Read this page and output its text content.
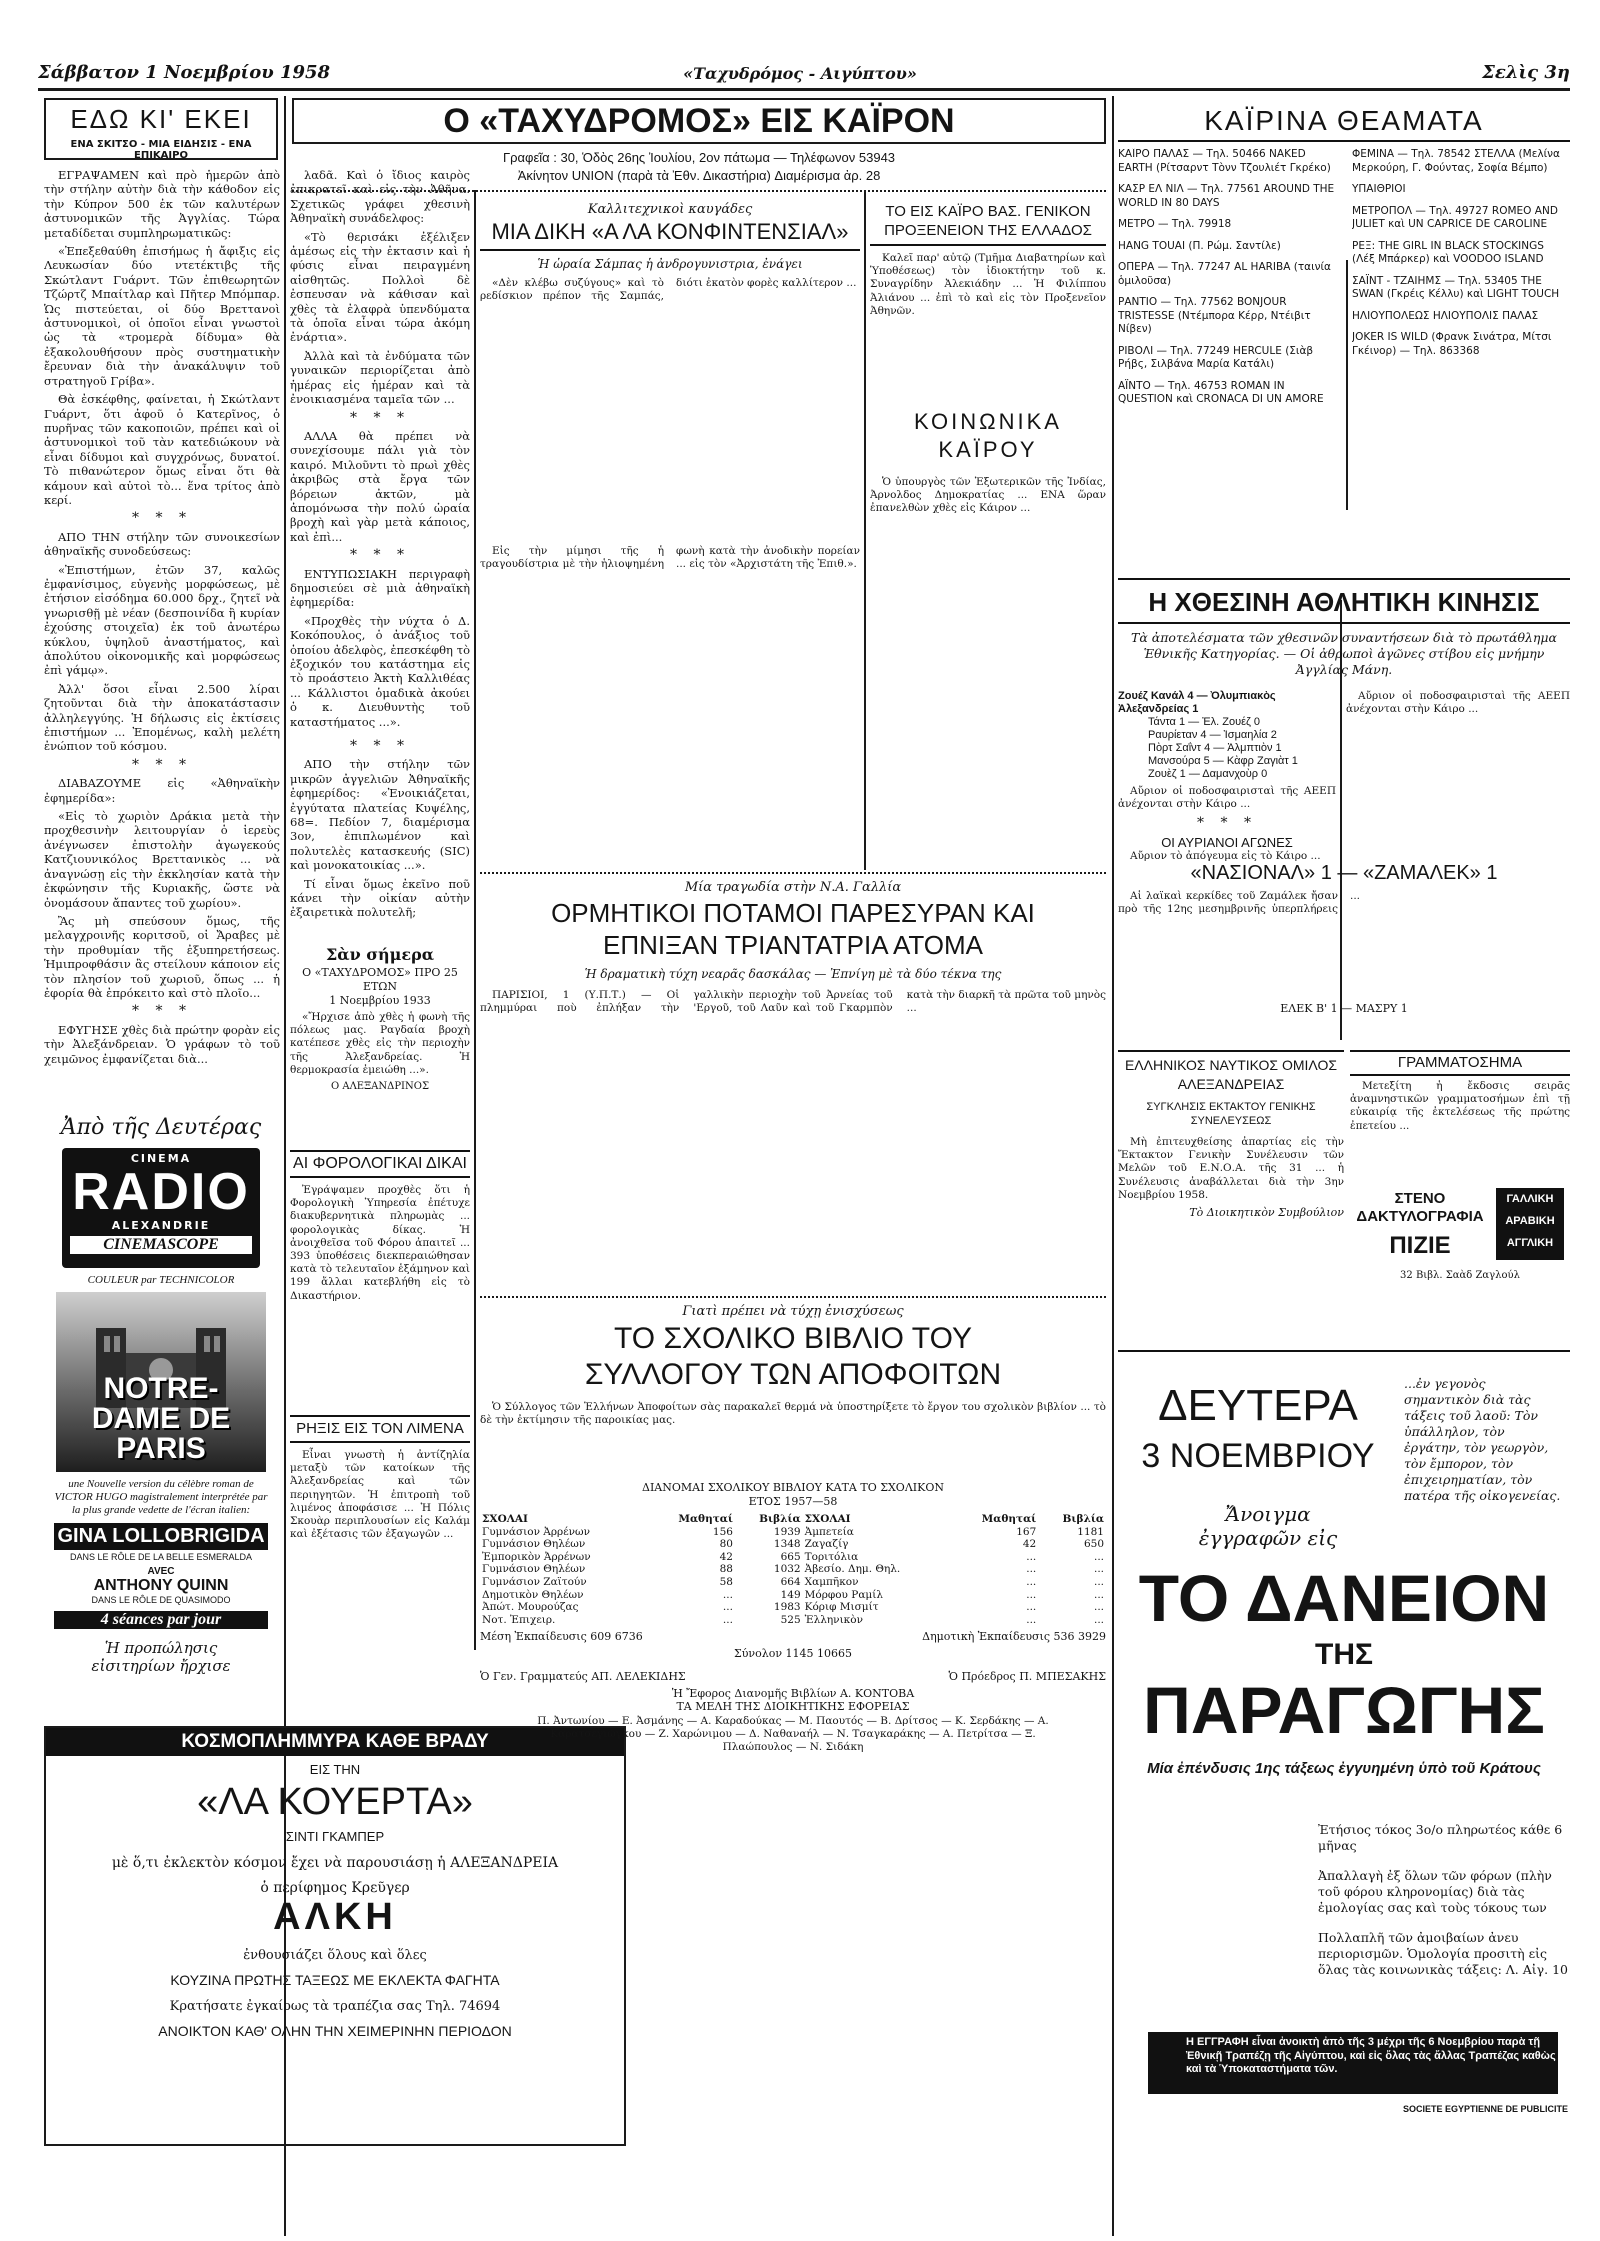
Σάββατον 1 Νοεμβρίου 1958	«Ταχυδρόμος - Αιγύπτου»	Σελὶς 3η
ΕΔΩ ΚΙ' ΕΚΕΙ
ΕΝΑ ΣΚΙΤΣΟ - ΜΙΑ ΕΙΔΗΣΙΣ - ΕΝΑ ΕΠΙΚΑΙΡΟ

ΕΓΡΑΨΑΜΕΝ καὶ πρὸ ἡμερῶν ἀπὸ τὴν στήλην αὐτὴν διὰ τὴν κάθοδον εἰς τὴν Κύπρον 500 ἐκ τῶν καλυτέρων ἀστυνομικῶν τῆς Ἀγγλίας. Τώρα μεταδίδεται συμπληρωματικῶς:

«Ἐπεξεθαύθη ἐπισήμως ἡ ἄφιξις εἰς Λευκωσίαν δύο ντετέκτιβς τῆς Σκώτλαντ Γυάρντ. Τῶν ἐπιθεωρητῶν Τζώρτζ Μπαίτλαρ καὶ Πῆτερ Μπόμπαρ. Ὡς πιστεύεται, οἱ δύο Βρεττανοὶ ἀστυνομικοὶ, οἱ ὁποῖοι εἶναι γνωστοὶ ὡς τὰ «τρομερὰ δίδυμα» θὰ ἐξακολουθήσουν πρὸς συστηματικὴν ἔρευναν διὰ τὴν ἀνακάλυψιν τοῦ στρατηγοῦ Γρίβα».

Θὰ ἐσκέφθης, φαίνεται, ἡ Σκώτλαντ Γυάρντ, ὅτι ἀφοῦ ὁ Κατερῖνος, ὁ πυρῆνας τῶν κακοποιῶν, πρέπει καὶ οἱ ἀστυνομικοὶ τοῦ τὰν κατεδιώκουν νὰ εἶναι δίδυμοι καὶ συγχρόνως, δυνατοί. Τὸ πιθανώτερον ὅμως εἶναι ὅτι θὰ κάμουν καὶ αὐτοὶ τὸ... ἕνα τρίτος ἀπὸ κερί.

* * *

ΑΠΟ ΤΗΝ στήλην τῶν συνοικεσίων ἀθηναϊκῆς συνοδεύσεως:

«Ἐπιστήμων, ἐτῶν 37, καλῶς ἐμφανίσιμος, εὐγενὴς μορφώσεως, μὲ ἐτήσιον εἰσόδημα 60.000 δρχ., ζητεῖ νὰ γνωρισθῇ μὲ νέαν (δεσποινίδα ἢ κυρίαν ἐχούσης στοιχεῖα) ἐκ τοῦ ἀνωτέρω κύκλου, ὑψηλοῦ ἀναστήματος, καὶ ἀπολύτου οἰκονομικῆς καὶ μορφώσεως ἐπὶ γάμῳ».

Ἀλλ' ὅσοι εἶναι 2.500 λίραι ζητοῦνται διὰ τὴν ἀποκατάστασιν ἀλληλεγγύης. Ἡ δήλωσις εἰς ἐκτίσεις ἐπιστήμων ... Ἐπομένως, καλὴ μελέτη ἐνώπιον τοῦ κόσμου.

* * *

ΔΙΑΒΑΖΟΥΜΕ εἰς «Ἀθηναϊκὴν ἐφημερίδα»:

«Εἰς τὸ χωριὸν Δράκια μετὰ τὴν προχθεσινὴν λειτουργίαν ὁ ἱερεὺς ἀνέγνωσεν ἐπιστολὴν ἀγωγεκούς Κατζιουνικόλος Βρεττανικὸς ... νὰ ἀναγνώσῃ εἰς τὴν ἐκκλησίαν κατὰ τὴν ἐκφώνησιν τῆς Κυριακῆς, ὥστε νὰ ὀνομάσουν ἄπαντες τοῦ χωρίου».

Ἂς μὴ σπεύσουν ὅμως, τῆς μελαγχροινῆς κοριτσοῦ, οἱ Ἄραβες μὲ τὴν προθυμίαν τῆς ἐξυπηρετήσεως. Ἡμιπροφθάσιν ἂς στείλουν κάποιον εἰς τὸν πλησίον τοῦ χωριοῦ, ὅπως ... ἡ ἐφορία θὰ ἐπρόκειτο καὶ στὸ πλοῖο...

* * *

ΕΦΥΓΗΣΕ χθὲς διὰ πρώτην φορὰν εἰς τὴν Ἀλεξάνδρειαν. Ὁ γράφων τὸ τοῦ χειμῶνος ἐμφανίζεται διὰ...

Ἀπὸ τῆς Δευτέρας
CINEMA
RADIO
ALEXANDRIE
CINEMASCOPE
COULEUR par TECHNICOLOR
NOTRE-DAME DE PARIS
une Nouvelle version du célèbre roman de VICTOR HUGO magistralement interprétée par la plus grande vedette de l'écran italien:
GINA LOLLOBRIGIDA
DANS LE RÔLE DE LA BELLE ESMERALDA
AVEC
ANTHONY QUINN
DANS LE RÔLE DE QUASIMODO
4 séances par jour
Ἡ προπώλησις εἰσιτηρίων ἤρχισε
ΚΟΣΜΟΠΛΗΜΜΥΡΑ ΚΑΘΕ ΒΡΑΔΥ
ΕΙΣ ΤΗΝ
«ΛΑ ΚΟΥΕΡΤΑ»
ΣΙΝΤΙ ΓΚΑΜΠΕΡ
μὲ ὅ,τι ἐκλεκτὸν κόσμον ἔχει νὰ παρουσιάσῃ ἡ ΑΛΕΞΑΝΔΡΕΙΑ
ὁ περίφημος Κρεῦγερ
ΑΛΚΗ
ἐνθουσιάζει ὅλους καὶ ὅλες
ΚΟΥΖΙΝΑ ΠΡΩΤΗΣ ΤΑΞΕΩΣ ΜΕ ΕΚΛΕΚΤΑ ΦΑΓΗΤΑ
Κρατήσατε ἐγκαίρως τὰ τραπέζια σας Τηλ. 74694
ΑΝΟΙΚΤΟΝ ΚΑΘ' ΟΛΗΝ ΤΗΝ ΧΕΙΜΕΡΙΝΗΝ ΠΕΡΙΟΔΟΝ

λαδᾶ. Καὶ ὁ ἴδιος καιρὸς ἐπικρατεῖ καὶ εἰς τὴν Ἀθῆνα. Σχετικῶς γράφει χθεσινὴ Ἀθηναϊκὴ συνάδελφος:

«Τὸ θερισάκι ἐξέλιξεν ἀμέσως εἰς τὴν ἐκτασιν καὶ ἡ φύσις εἶναι πειραγμένη αἰσθητῶς. Πολλοὶ δὲ ἐσπευσαν νὰ κάθισαν καὶ χθὲς τὰ ἐλαφρὰ ὑπενδύματα τὰ ὁποῖα εἶναι τώρα ἀκόμη ἐνάρτια».

Ἀλλὰ καὶ τὰ ἐνδύματα τῶν γυναικῶν περιορίζεται ἀπὸ ἡμέρας εἰς ἡμέραν καὶ τὰ ἐνοικιασμένα ταμεῖα τῶν ...

* * *

ΑΛΛΑ θὰ πρέπει νὰ συνεχίσουμε πάλι γιὰ τὸν καιρό. Μιλοῦντι τὸ πρωὶ χθὲς ἀκριβῶς στὰ ἔργα τῶν βόρειων ἀκτῶν, μὰ ἀπομόνωσα τὴν πολύ ὡραία βροχὴ καὶ γὰρ μετὰ κάποιος, καὶ ἐπὶ...

* * *

ΕΝΤΥΠΩΣΙΑΚΗ περιγραφὴ δημοσιεύει σὲ μιὰ ἀθηναϊκὴ ἐφημερίδα:

«Προχθὲς τὴν νύχτα ὁ Δ. Κοκόπουλος, ὁ ἀνάξιος τοῦ ὁποίου ἀδελφὸς, ἐπεσκέφθη τὸ ἐξοχικόν του κατάστημα εἰς τὸ προάστειο Ἀκτὴ Καλλιθέας ... Κάλλιστοι ὁμαδικὰ ἀκούει ὁ κ. Διευθυντὴς τοῦ καταστήματος ...».

* * *

ΑΠΟ τὴν στήλην τῶν μικρῶν ἀγγελιῶν Ἀθηναϊκῆς ἐφημερίδος: «Ἐνοικιάζεται, ἐγγύτατα πλατείας Κυψέλης, 68=. Πεδίον 7, διαμέρισμα 3ον, ἐπιπλωμένον καὶ πολυτελὲς κατασκευής (SIC) καὶ μονοκατοικίας ...».

Τί εἶναι ὅμως ἐκεῖνο ποῦ κάνει τὴν οἰκίαν αὐτὴν ἐξαιρετικὰ πολυτελῆ;

Σὰν σήμερα
Ο «ΤΑΧΥΔΡΟΜΟΣ» ΠΡΟ 25 ΕΤΩΝ
1 Νοεμβρίου 1933
«Ἤρχισε ἀπὸ χθὲς ἡ φωνὴ τῆς πόλεως μας. Ραγδαία βροχὴ κατέπεσε χθὲς εἰς τὴν περιοχὴν τῆς Ἀλεξανδρείας. Ἡ θερμοκρασία ἐμειώθη ...».
Ο ΑΛΕΞΑΝΔΡΙΝΟΣ
ΑΙ ΦΟΡΟΛΟΓΙΚΑΙ ΔΙΚΑΙ
Ἐγράψαμεν προχθὲς ὅτι ἡ Φορολογικὴ Ὑπηρεσία ἐπέτυχε διακυβερνητικὰ πληρωμὰς ... φορολογικὰς δίκας. Ἡ ἀνοιχθεῖσα τοῦ Φόρου ἀπαιτεῖ ... 393 ὑποθέσεις διεκπεραιώθησαν κατὰ τὸ τελευταῖον ἑξάμηνον καὶ 199 ἄλλαι κατεβλήθη εἰς τὸ Δικαστήριον.
ΡΗΞΙΣ ΕΙΣ ΤΟΝ ΛΙΜΕΝΑ
Εἶναι γνωστὴ ἡ ἀντίζηλία μεταξὺ τῶν κατοίκων τῆς Ἀλεξανδρείας καὶ τῶν περιηγητῶν. Ἡ ἐπιτροπὴ τοῦ λιμένος ἀποφάσισε ... Ἡ Πόλις Σκουὰρ περιπλουσίων εἰς Καλάμ καὶ ἐξέτασις τῶν ἐξαγωγῶν ...
Ο «ΤΑΧΥΔΡΟΜΟΣ» ΕΙΣ ΚΑΪΡΟΝ
Γραφεῖα : 30, Ὁδὸς 26ης Ἰουλίου, 2ον πάτωμα — Τηλέφωνον 53943
Ἀκίνητον UNION (παρὰ τὰ Ἐθν. Δικαστήρια) Διαμέρισμα ἀρ. 28
Καλλιτεχνικοὶ καυγάδες
ΜΙΑ ΔΙΚΗ «Α ΛΑ ΚΟΝΦΙΝΤΕΝΣΙΑΛ»
Ἡ ὡραία Σάμπας ἡ ἀνδρογυνιστρια, ἐνάγει
«Δὲν κλέβω συζύγους» καὶ τὸ ρεδίσκιον πρέπον τῆς Σαμπάς, διότι ἐκατὸν φορὲς καλλίτερον ...
Εἰς τὴν μίμησι τῆς ἡ τραγουδίστρια μὲ τὴν ἡλιοψημένη φωνὴ κατὰ τὴν ἀνοδικὴν πορείαν ... εἰς τὸν «Ἀρχιστάτη τῆς Ἐπιθ.».
ΤΟ ΕΙΣ ΚΑΪΡΟ ΒΑΣ. ΓΕΝΙΚΟΝ ΠΡΟΞΕΝΕΙΟΝ ΤΗΣ ΕΛΛΑΔΟΣ
Καλεῖ παρ' αὐτῷ (Τμῆμα Διαβατηρίων καὶ Ὑποθέσεως) τὸν ἰδιοκτήτην τοῦ κ. Συναγρίδην Ἀλεκιάδην ... Ἡ Φιλίππου Ἀλιάνου ... ἐπὶ τὸ καὶ εἰς τὸν Προξενεῖον Ἀθηνῶν.
ΚΟΙΝΩΝΙΚΑ ΚΑΪΡΟΥ
Ὁ ὑπουργὸς τῶν Ἐξωτερικῶν τῆς Ἰνδίας, Ἀρνολδος Δημοκρατίας ... ΕΝΑ ὥραν ἐπανελθὼν χθὲς εἰς Κάιρον ...
Μία τραγωδία στὴν Ν.Α. Γαλλία
ΟΡΜΗΤΙΚΟΙ ΠΟΤΑΜΟΙ ΠΑΡΕΣΥΡΑΝ ΚΑΙ ΕΠΝΙΞΑΝ ΤΡΙΑΝΤΑΤΡΙΑ ΑΤΟΜΑ
Ἡ δραματικὴ τύχη νεαρᾶς δασκάλας — Ἐπνίγη μὲ τὰ δύο τέκνα της
ΠΑΡΙΣΙΟΙ, 1 (Υ.Π.Τ.) — Οἱ πλημμύραι ποὺ ἐπλήξαν τὴν γαλλικὴν περιοχὴν τοῦ Ἀρνείας τοῦ 'Εργοῦ, τοῦ Λαῦν καὶ τοῦ Γκαρμπὸν κατὰ τὴν διαρκῆ τὰ πρῶτα τοῦ μηνὸς ...
Γιατὶ πρέπει νὰ τύχῃ ἐνισχύσεως
ΤΟ ΣΧΟΛΙΚΟ ΒΙΒΛΙΟ ΤΟΥ ΣΥΛΛΟΓΟΥ ΤΩΝ ΑΠΟΦΟΙΤΩΝ
Ὁ Σύλλογος τῶν Ἑλλήνων Ἀποφοίτων σὰς παρακαλεῖ θερμά νὰ ὑποστηρίξετε τὸ ἔργον του σχολικὸν βιβλίον ... τὸ δὲ τὴν ἐκτίμησιν τῆς παροικίας μας.
ΔΙΑΝΟΜΑΙ ΣΧΟΛΙΚΟΥ ΒΙΒΛΙΟΥ ΚΑΤΑ ΤΟ ΣΧΟΛΙΚΟΝ ΕΤΟΣ 1957—58
ΣΧΟΛΑΙ	Μαθηταί	Βιβλία	ΣΧΟΛΑΙ	Μαθηταί	Βιβλία
Γυμνάσιον Ἀρρένων	156	1939	Ἀμπετεία	167	1181
Γυμνάσιον Θηλέων	80	1348	Ζαγαζίγ	42	650
Ἐμπορικὸν Ἀρρένων	42	665	Τοριτόλια	...	...
Γυμνάσιον Θηλέων	88	1032	Ἀβεσίο. Δημ. Θηλ.	...	...
Γυμνάσιον Ζαϊτούν	58	664	Χαμπῆκον	...	...
Δημοτικὸν Θηλέων	...	149	Μόρφου Ραμίλ	...	...
Ἀπώτ. Μουρούζας	...	1983	Κόριφ Μισμίτ	...	...
Νοτ. Ἐπιχειρ.	...	525	Ἐλληνικὸν	...	...
Μέση Ἐκπαίδευσις 609 6736	Δημοτικὴ Ἐκπαίδευσις 536 3929
Σύνολον 1145 10665
Ὁ Γεν. Γραμματεύς ΑΠ. ΛΕΛΕΚΙΔΗΣ	Ὁ Πρόεδρος Π. ΜΠΕΣΑΚΗΣ
Ἡ Ἔφορος Διανομῆς Βιβλίων Α. ΚΟΝΤΟΒΑ
ΤΑ ΜΕΛΗ ΤΗΣ ΔΙΟΙΚΗΤΙΚΗΣ ΕΦΟΡΕΙΑΣ
Π. Ἀντωνίου — Ε. Ἀσμάνης — Α. Καραδούκας — Μ. Παουτός — Β. Δρίτσος — Κ. Σερδάκης — Α. Καρατσεγιώγκου — Ζ. Χαρώνιμου — Δ. Ναθαναήλ — Ν. Τσαγκαράκης — Α. Πετρίτσα — Ξ. Πλαώπουλος — Ν. Σιδάκη
ΚΑΪΡΙΝΑ ΘΕΑΜΑΤΑ
ΚΑΪΡΟ ΠΑΛΑΣ — Τηλ. 50466 NAKED EARTH (Ρίτσαρντ Τὸνν Τζουλιέτ Γκρέκο)
ΚΑΣΡ ΕΛ ΝΙΛ — Τηλ. 77561 AROUND THE WORLD IN 80 DAYS
ΜΕΤΡΟ — Τηλ. 79918
HANG TOUAI (Π. Ρώμ. Σαντίλε)
ΟΠΕΡΑ — Τηλ. 77247 AL HARIBA (ταινία ὁμιλοῦσα)
ΡΑΝΤΙΟ — Τηλ. 77562 BONJOUR TRISTESSE (Ντέμπορα Κέρρ, Ντέιβιτ Νίβεν)
ΡΙΒΟΛΙ — Τηλ. 77249 HERCULE (Σιὰβ Ρήβς, Σιλβάνα Μαρία Κατάλι)
ΑΪΝΤΟ — Τηλ. 46753 ROMAN IN QUESTION καὶ CRONACA DI UN AMORE
ΦΕΜΙΝΑ — Τηλ. 78542 ΣΤΕΛΛΑ (Μελίνα Μερκούρη, Γ. Φούντας, Σοφία Βέμπο)
ΥΠΑΙΘΡΙΟΙ
ΜΕΤΡΟΠΟΛ — Τηλ. 49727 ROMEO AND JULIET καὶ UN CAPRICE DE CAROLINE
ΡΕΞ: THE GIRL IN BLACK STOCKINGS (Λέξ Μπάρκερ) καὶ VOODOO ISLAND
ΣΑΪΝΤ - ΤΖΑΙΗΜΣ — Τηλ. 53405 THE SWAN (Γκρέις Κέλλυ) καὶ LIGHT TOUCH
ΗΛΙΟΥΠΟΛΕΩΣ ΗΛΙΟΥΠΟΛΙΣ ΠΑΛΑΣ
JOKER IS WILD (Φρανκ Σινάτρα, Μίτσι Γκέινορ) — Τηλ. 863368
Η ΧΘΕΣΙΝΗ ΑΘΛΗΤΙΚΗ ΚΙΝΗΣΙΣ
Τὰ ἀποτελέσματα τῶν χθεσινῶν συναντήσεων διὰ τὸ πρωτάθλημα Ἑθνικῆς Κατηγορίας. — Οἱ ἀθρωποὶ ἀγῶνες στίβου εἰς μνήμην Ἀγγλίας Μάνη.
Ζουέζ Κανάλ 4 — Ὀλυμπιακὸς Ἀλεξανδρείας 1
Τάντα 1 — Ἐλ. Ζουέζ 0
Ραυρίεταν 4 — Ἰσμαηλία 2
Πὸρτ Σαΐντ 4 — Ἀλμπτιὸν 1
Μανσούρα 5 — Κὰφρ Ζαγιὰτ 1
Ζουὲζ 1 — Δαμανχοὺρ 0
Αὔριον οἱ ποδοσφαιρισταὶ τῆς ΑΕΕΠ ἀνέχονται στὴν Κάιρο ...
* * *
ΟΙ ΑΥΡΙΑΝΟΙ ΑΓΩΝΕΣ
Αὔριον τὸ ἀπόγευμα εἰς τὸ Κάιρο ...
Αὔριον οἱ ποδοσφαιρισταὶ τῆς ΑΕΕΠ ἀνέχονται στὴν Κάιρο ...
«ΝΑΣΙΟΝΑΛ» 1 — «ΖΑΜΑΛΕΚ» 1
Αἱ λαϊκαὶ κερκίδες τοῦ Ζαμάλεκ ἤσαν πρὸ τῆς 12ης μεσημβρινῆς ὑπερπλήρεις ...
ΕΛΕΚ Β' 1 — ΜΑΣΡΥ 1
ΕΛΛΗΝΙΚΟΣ ΝΑΥΤΙΚΟΣ ΟΜΙΛΟΣ ΑΛΕΞΑΝΔΡΕΙΑΣ
ΣΥΓΚΛΗΣΙΣ ΕΚΤΑΚΤΟΥ ΓΕΝΙΚΗΣ ΣΥΝΕΛΕΥΣΕΩΣ
Μὴ ἐπιτευχθείσης ἀπαρτίας εἰς τὴν Ἔκτακτον Γενικὴν Συνέλευσιν τῶν Μελῶν τοῦ Ε.Ν.Ο.Α. τῆς 31 ... ἡ Συνέλευσις ἀναβάλλεται διὰ τὴν 3ην Νοεμβρίου 1958.
Τὸ Διοικητικὸν Συμβούλιον
ΓΡΑΜΜΑΤΟΣΗΜΑ
Μετεξίτη ἡ ἔκδοσις σειρᾶς ἀναμνηστικῶν γραμματοσήμων ἐπὶ τῇ εὐκαιρίᾳ τῆς ἐκτελέσεως τῆς πρώτης ἐπετείου ...
ΣΤΕΝΟ ΔΑΚΤΥΛΟΓΡΑΦΙΑ
ΠΙΖΙΕ
ΓΑΛΛΙΚΗ ΑΡΑΒΙΚΗ ΑΓΓΛΙΚΗ
32 Βιβλ. Σαὰδ Ζαγλούλ
ΔΕΥΤΕΡΑ
3 ΝΟΕΜΒΡΙΟΥ
...ἐν γεγονὸς σημαντικὸν διὰ τὰς τάξεις τοῦ λαοῦ: Τὸν ὑπάλληλον, τὸν ἐργάτην, τὸν γεωργὸν, τὸν ἔμπορον, τὸν ἐπιχειρηματίαν, τὸν πατέρα τῆς οἰκογενείας.
Ἄνοιγμα ἐγγραφῶν εἰς
ΤΟ ΔΑΝΕΙΟΝ
ΤΗΣ
ΠΑΡΑΓΩΓΗΣ
Μία ἐπένδυσις 1ης τάξεως ἐγγυημένη ὑπὸ τοῦ Κράτους
Ἐτήσιος τόκος 3ο/ο πληρωτέος κάθε 6 μῆνας
Ἀπαλλαγὴ ἐξ ὅλων τῶν φόρων (πλὴν τοῦ φόρου κληρονομίας) διὰ τὰς ἐμολογίας σας καὶ τοὺς τόκους των
Πολλαπλῆ τῶν ἀμοιβαίων ἀνευ περιορισμῶν. Ὁμολογία προσιτὴ εἰς ὅλας τὰς κοινωνικὰς τάξεις: Λ. Αἰγ. 10
Η ΕΓΓΡΑΦΗ εἶναι ἀνοικτὴ ἀπὸ τῆς 3 μέχρι τῆς 6 Νοεμβρίου παρὰ τῇ Ἐθνικῇ Τραπέζῃ τῆς Αἰγύπτου, καὶ εἰς ὅλας τὰς ἄλλας Τραπέζας καθὼς καὶ τὰ Ὑποκαταστήματα τῶν.
SOCIETE EGYPTIENNE DE PUBLICITE
